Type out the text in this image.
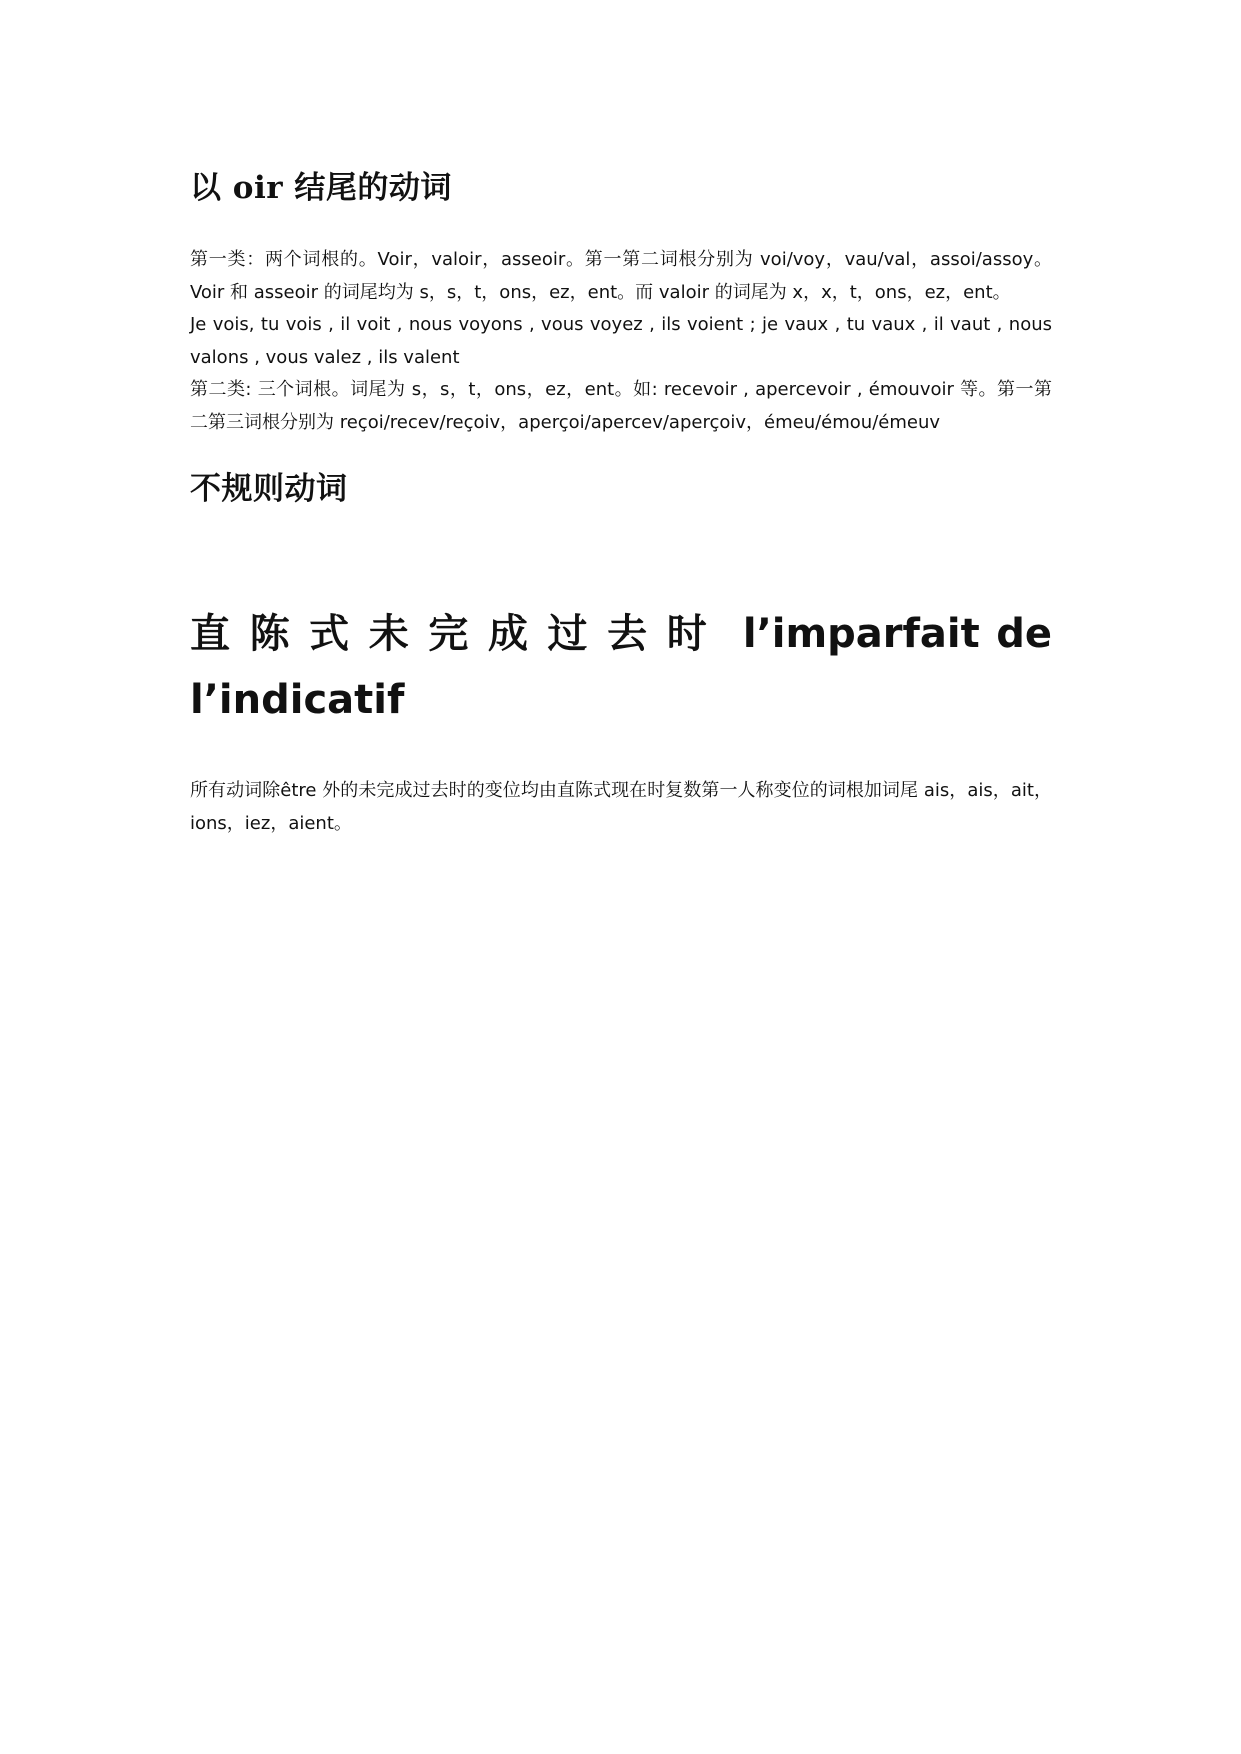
以 oir 结尾的动词

第一类：两个词根的。Voir，valoir，asseoir。第一第二词根分别为 voi/voy，vau/val，assoi/assoy。Voir 和 asseoir 的词尾均为 s，s，t，ons，ez，ent。而 valoir 的词尾为 x，x，t，ons，ez，ent。

Je vois, tu vois , il voit , nous voyons , vous voyez , ils voient ; je vaux , tu vaux , il vaut , nous valons , vous valez , ils valent

第二类: 三个词根。词尾为 s，s，t，ons，ez，ent。如: recevoir , apercevoir , émouvoir 等。第一第二第三词根分别为 reçoi/recev/reçoiv，aperçoi/apercev/aperçoiv，émeu/émou/émeuv

不规则动词
直陈式未完成过去时 l’imparfait de l’indicatif

所有动词除être 外的未完成过去时的变位均由直陈式现在时复数第一人称变位的词根加词尾 ais，ais，ait，ions，iez，aient。
